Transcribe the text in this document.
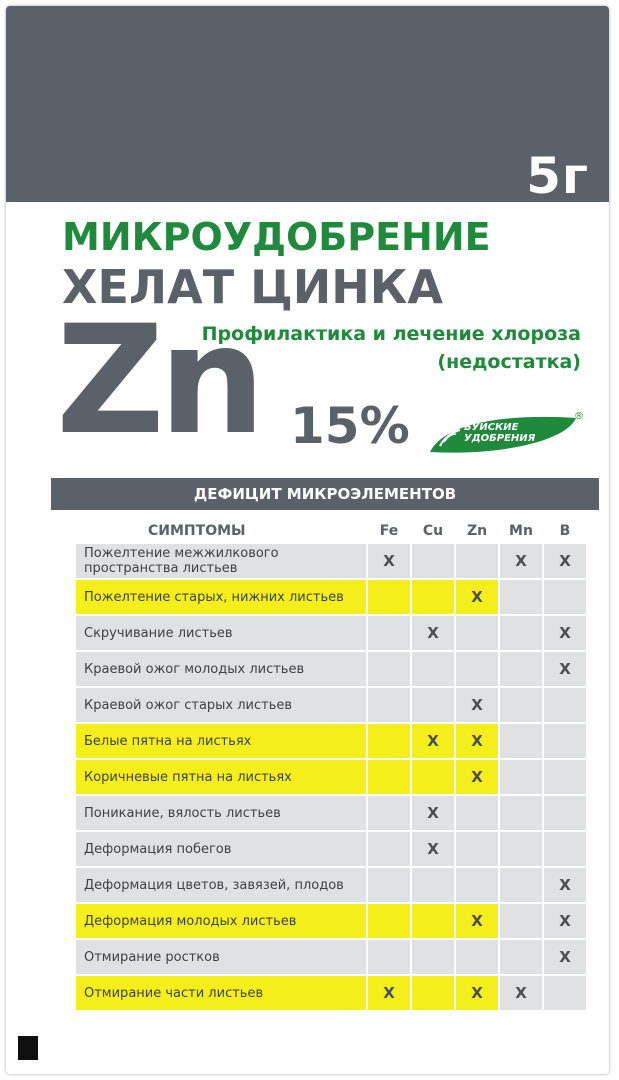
5г
МИКРОУДОБРЕНИЕ
ХЕЛАТ ЦИНКА
Zn 15%
Профилактика и лечение хлороза
(недостатка)
БУЙСКИЕ
УДОБРЕНИЯ
®
ДЕФИЦИТ МИКРОЭЛЕМЕНТОВ
СИМПТОМЫ	Fe	Cu	Zn	Mn	B
Пожелтение межжилкового пространства листьев	X			X	X
Пожелтение старых, нижних листьев			X		
Скручивание листьев		X			X
Краевой ожог молодых листьев					X
Краевой ожог старых листьев			X		
Белые пятна на листьях		X	X		
Коричневые пятна на листьях			X		
Поникание, вялость листьев		X			
Деформация побегов		X			
Деформация цветов, завязей, плодов					X
Деформация молодых листьев			X		X
Отмирание ростков					X
Отмирание части листьев	X		X	X	
